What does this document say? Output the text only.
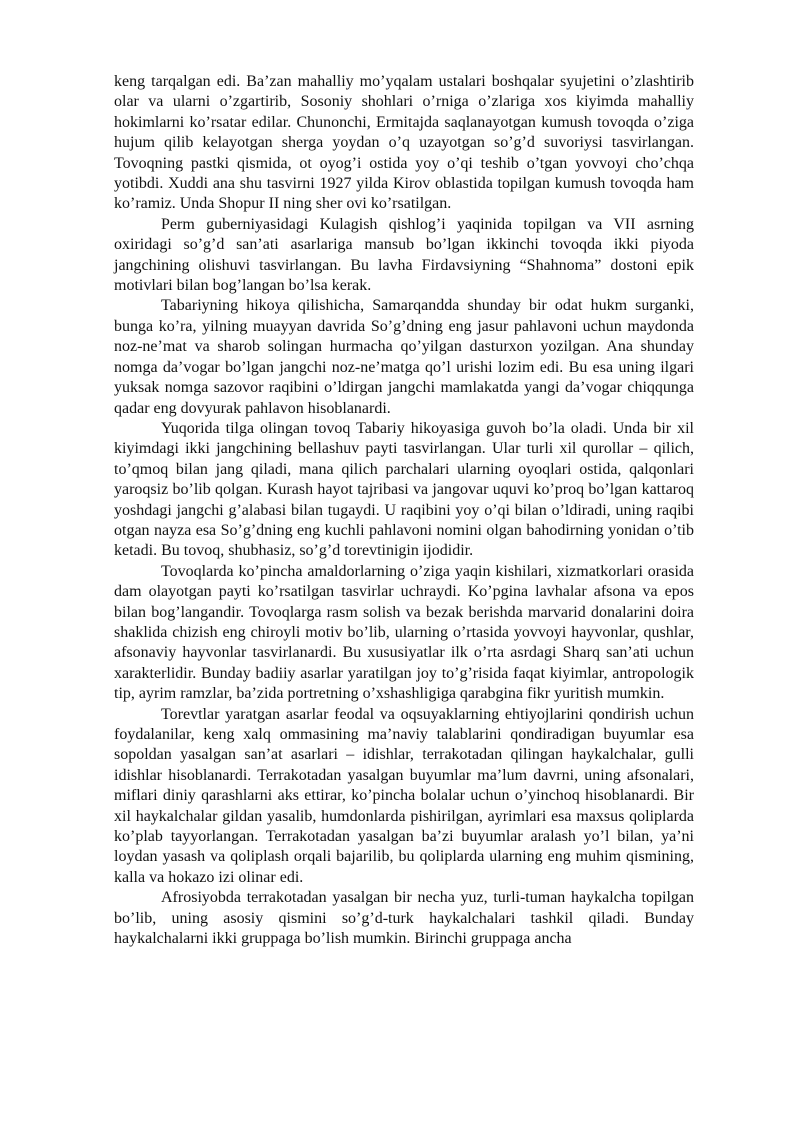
keng tarqalgan edi. Ba’zan mahalliy mo’yqalam ustalari boshqalar syujetini o’zlashtirib olar va ularni o’zgartirib, Sosoniy shohlari o’rniga o’zlariga xos kiyimda mahalliy hokimlarni ko’rsatar edilar. Chunonchi, Ermitajda saqlanayotgan kumush tovoqda o’ziga hujum qilib kelayotgan sherga yoydan o’q uzayotgan so’g’d suvoriysi tasvirlangan. Tovoqning pastki qismida, ot oyog’i ostida yoy o’qi teshib o’tgan yovvoyi cho’chqa yotibdi. Xuddi ana shu tasvirni 1927 yilda Kirov oblastida topilgan kumush tovoqda ham ko’ramiz. Unda Shopur II ning sher ovi ko’rsatilgan.

Perm guberniyasidagi Kulagish qishlog’i yaqinida topilgan va VII asrning oxiridagi so’g’d san’ati asarlariga mansub bo’lgan ikkinchi tovoqda ikki piyoda jangchining olishuvi tasvirlangan. Bu lavha Firdavsiyning “Shahnoma” dostoni epik motivlari bilan bog’langan bo’lsa kerak.

Tabariyning hikoya qilishicha, Samarqandda shunday bir odat hukm surganki, bunga ko’ra, yilning muayyan davrida So’g’dning eng jasur pahlavoni uchun maydonda noz-ne’mat va sharob solingan hurmacha qo’yilgan dasturxon yozilgan. Ana shunday nomga da’vogar bo’lgan jangchi noz-ne’matga qo’l urishi lozim edi. Bu esa uning ilgari yuksak nomga sazovor raqibini o’ldirgan jangchi mamlakatda yangi da’vogar chiqqunga qadar eng dovyurak pahlavon hisoblanardi.

Yuqorida tilga olingan tovoq Tabariy hikoyasiga guvoh bo’la oladi. Unda bir xil kiyimdagi ikki jangchining bellashuv payti tasvirlangan. Ular turli xil qurollar – qilich, to’qmoq bilan jang qiladi, mana qilich parchalari ularning oyoqlari ostida, qalqonlari yaroqsiz bo’lib qolgan. Kurash hayot tajribasi va jangovar uquvi ko’proq bo’lgan kattaroq yoshdagi jangchi g’alabasi bilan tugaydi. U raqibini yoy o’qi bilan o’ldiradi, uning raqibi otgan nayza esa So’g’dning eng kuchli pahlavoni nomini olgan bahodirning yonidan o’tib ketadi. Bu tovoq, shubhasiz, so’g’d torevtinigin ijodidir.

Tovoqlarda ko’pincha amaldorlarning o’ziga yaqin kishilari, xizmatkorlari orasida dam olayotgan payti ko’rsatilgan tasvirlar uchraydi. Ko’pgina lavhalar afsona va epos bilan bog’langandir. Tovoqlarga rasm solish va bezak berishda marvarid donalarini doira shaklida chizish eng chiroyli motiv bo’lib, ularning o’rtasida yovvoyi hayvonlar, qushlar, afsonaviy hayvonlar tasvirlanardi. Bu xususiyatlar ilk o’rta asrdagi Sharq san’ati uchun xarakterlidir. Bunday badiiy asarlar yaratilgan joy to’g’risida faqat kiyimlar, antropologik tip, ayrim ramzlar, ba’zida portretning o’xshashligiga qarabgina fikr yuritish mumkin.

Torevtlar yaratgan asarlar feodal va oqsuyaklarning ehtiyojlarini qondirish uchun foydalanilar, keng xalq ommasining ma’naviy talablarini qondiradigan buyumlar esa sopoldan yasalgan san’at asarlari – idishlar, terrakotadan qilingan haykalchalar, gulli idishlar hisoblanardi. Terrakotadan yasalgan buyumlar ma’lum davrni, uning afsonalari, miflari diniy qarashlarni aks ettirar, ko’pincha bolalar uchun o’yinchoq hisoblanardi. Bir xil haykalchalar gildan yasalib, humdonlarda pishirilgan, ayrimlari esa maxsus qoliplarda ko’plab tayyorlangan. Terrakotadan yasalgan ba’zi buyumlar aralash yo’l bilan, ya’ni loydan yasash va qoliplash orqali bajarilib, bu qoliplarda ularning eng muhim qismining, kalla va hokazo izi olinar edi.

Afrosiyobda terrakotadan yasalgan bir necha yuz, turli-tuman haykalcha topilgan bo’lib, uning asosiy qismini so’g’d-turk haykalchalari tashkil qiladi. Bunday haykalchalarni ikki gruppaga bo’lish mumkin. Birinchi gruppaga ancha
